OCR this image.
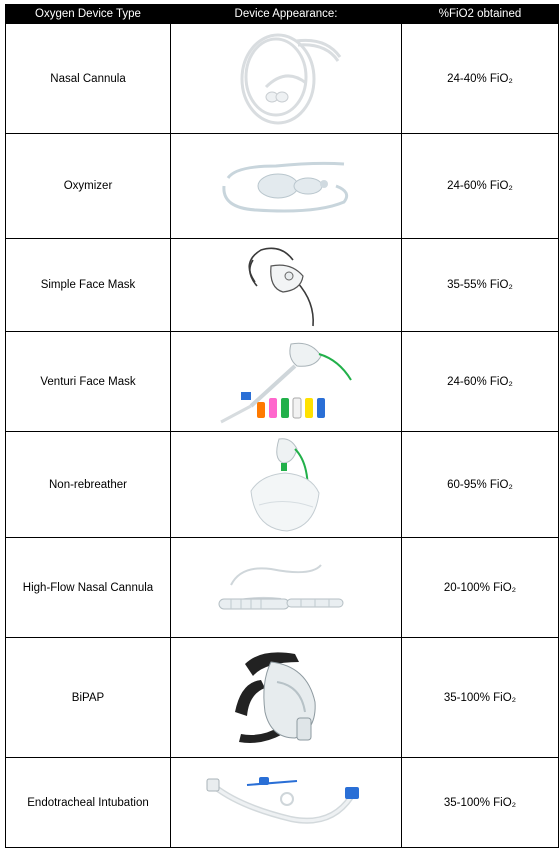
Oxygen Device Type	Device Appearance:	%FiO2 obtained
Nasal Cannula		24-40% FiO₂
Oxymizer		24-60% FiO₂
Simple Face Mask		35-55% FiO₂
Venturi Face Mask		24-60% FiO₂
Non-rebreather		60-95% FiO₂
High-Flow Nasal Cannula		20-100% FiO₂
BiPAP		35-100% FiO₂
Endotracheal Intubation		35-100% FiO₂
